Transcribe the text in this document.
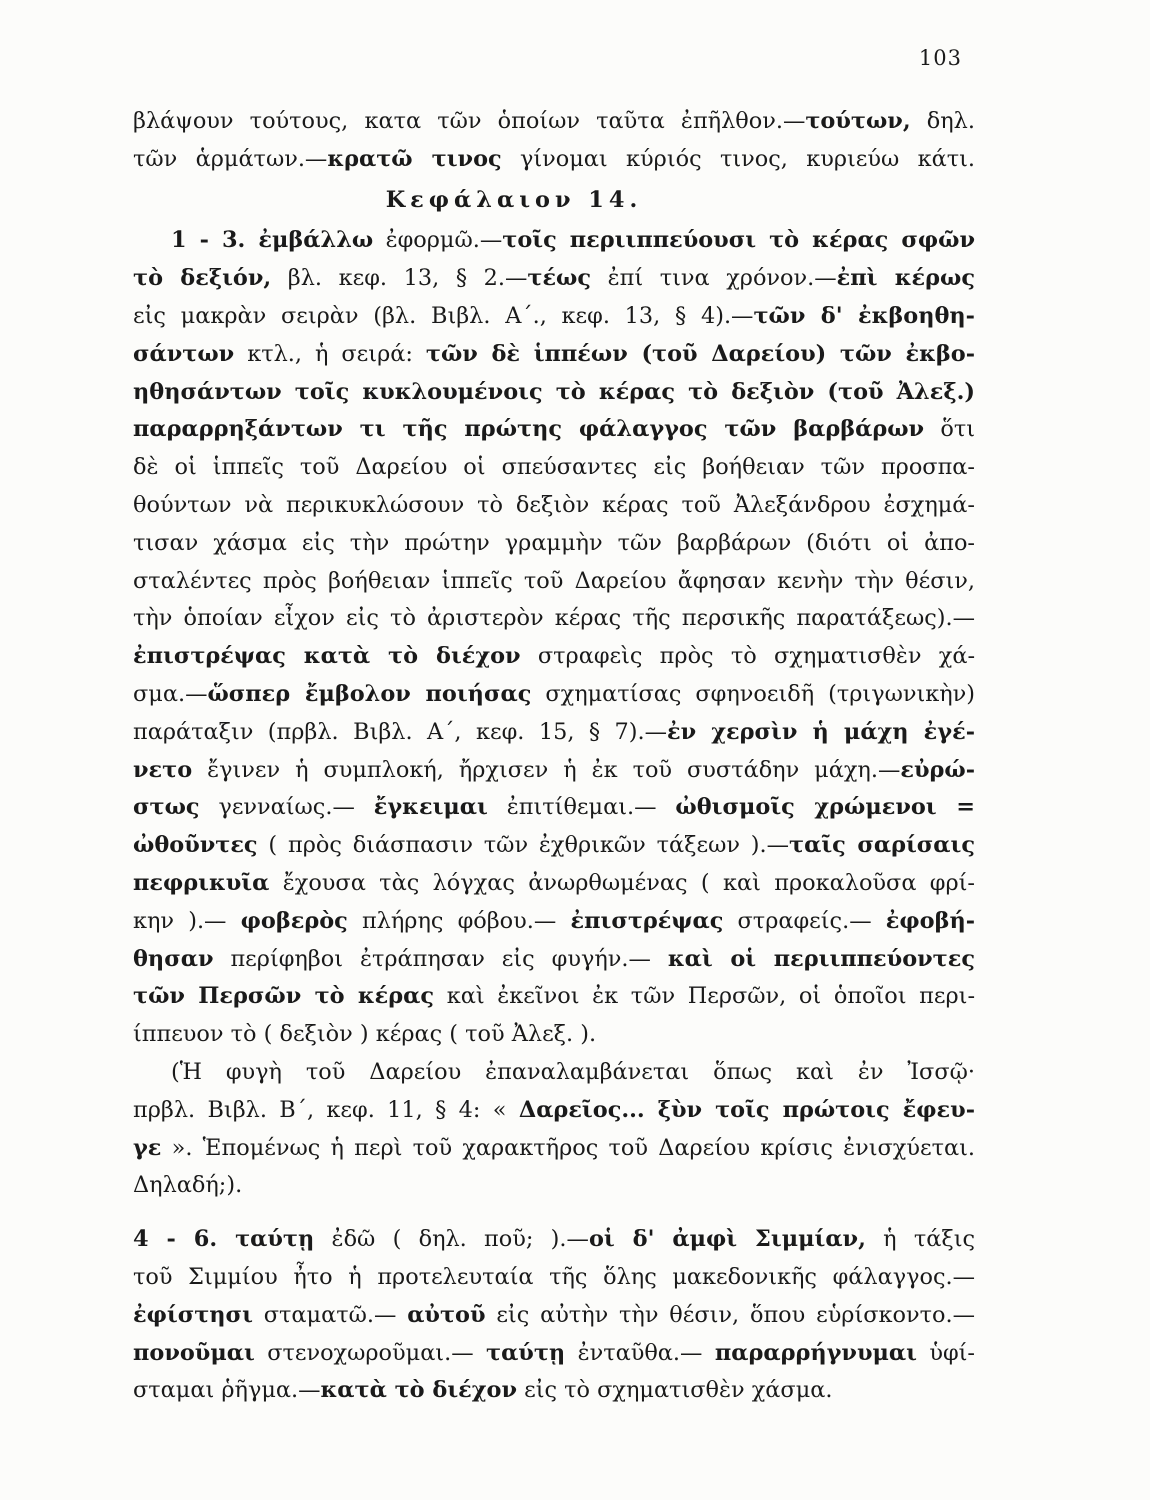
103
βλάψουν τούτους, κατα τῶν ὁποίων ταῦτα ἐπῆλθον.—τούτων, δηλ.
τῶν ἁρμάτων.—κρατῶ τινος γίνομαι κύριός τινος, κυριεύω κάτι.
Κεφάλαιον 14.
1 - 3. ἐμβάλλω ἐφορμῶ.—τοῖς περιιππεύουσι τὸ κέρας σφῶν
τὸ δεξιόν, βλ. κεφ. 13, § 2.—τέως ἐπί τινα χρόνον.—ἐπὶ κέρως
εἰς μακρὰν σειρὰν (βλ. Βιβλ. Α΄., κεφ. 13, § 4).—τῶν δ' ἐκβοηθη-
σάντων κτλ., ἡ σειρά: τῶν δὲ ἱππέων (τοῦ Δαρείου) τῶν ἐκβο-
ηθησάντων τοῖς κυκλουμένοις τὸ κέρας τὸ δεξιὸν (τοῦ Ἀλεξ.)
παραρρηξάντων τι τῆς πρώτης φάλαγγος τῶν βαρβάρων ὅτι
δὲ οἱ ἱππεῖς τοῦ Δαρείου οἱ σπεύσαντες εἰς βοήθειαν τῶν προσπα-
θούντων νὰ περικυκλώσουν τὸ δεξιὸν κέρας τοῦ Ἀλεξάνδρου ἐσχημά-
τισαν χάσμα εἰς τὴν πρώτην γραμμὴν τῶν βαρβάρων (διότι οἱ ἀπο-
σταλέντες πρὸς βοήθειαν ἱππεῖς τοῦ Δαρείου ἄφησαν κενὴν τὴν θέσιν,
τὴν ὁποίαν εἶχον εἰς τὸ ἀριστερὸν κέρας τῆς περσικῆς παρατάξεως).—
ἐπιστρέψας κατὰ τὸ διέχον στραφεὶς πρὸς τὸ σχηματισθὲν χά-
σμα.—ὥσπερ ἔμβολον ποιήσας σχηματίσας σφηνοειδῆ (τριγωνικὴν)
παράταξιν (πρβλ. Βιβλ. Α΄, κεφ. 15, § 7).—ἐν χερσὶν ἡ μάχη ἐγέ-
νετο ἔγινεν ἡ συμπλοκή, ἤρχισεν ἡ ἐκ τοῦ συστάδην μάχη.—εὐρώ-
στως γενναίως.— ἔγκειμαι ἐπιτίθεμαι.— ὠθισμοῖς χρώμενοι =
ὠθοῦντες ( πρὸς διάσπασιν τῶν ἐχθρικῶν τάξεων ).—ταῖς σαρίσαις
πεφρικυῖα ἔχουσα τὰς λόγχας ἀνωρθωμένας ( καὶ προκαλοῦσα φρί-
κην ).— φοβερὸς πλήρης φόβου.— ἐπιστρέψας στραφείς.— ἐφοβή-
θησαν περίφηβοι ἐτράπησαν εἰς φυγήν.— καὶ οἱ περιιππεύοντες
τῶν Περσῶν τὸ κέρας καὶ ἐκεῖνοι ἐκ τῶν Περσῶν, οἱ ὁποῖοι περι-
ίππευον τὸ ( δεξιὸν ) κέρας ( τοῦ Ἀλεξ. ).
(Ἡ φυγὴ τοῦ Δαρείου ἐπαναλαμβάνεται ὅπως καὶ ἐν Ἰσσῷ·
πρβλ. Βιβλ. Β΄, κεφ. 11, § 4: « Δαρεῖος... ξὺν τοῖς πρώτοις ἔφευ-
γε ». Ἑπομένως ἡ περὶ τοῦ χαρακτῆρος τοῦ Δαρείου κρίσις ἐνισχύεται.
Δηλαδή;).
4 - 6. ταύτῃ ἐδῶ ( δηλ. ποῦ; ).—οἱ δ' ἀμφὶ Σιμμίαν, ἡ τάξις
τοῦ Σιμμίου ἦτο ἡ προτελευταία τῆς ὅλης μακεδονικῆς φάλαγγος.—
ἐφίστησι σταματῶ.— αὐτοῦ εἰς αὐτὴν τὴν θέσιν, ὅπου εὑρίσκοντο.—
πονοῦμαι στενοχωροῦμαι.— ταύτῃ ἐνταῦθα.— παραρρήγνυμαι ὑφί-
σταμαι ῥῆγμα.—κατὰ τὸ διέχον εἰς τὸ σχηματισθὲν χάσμα.
